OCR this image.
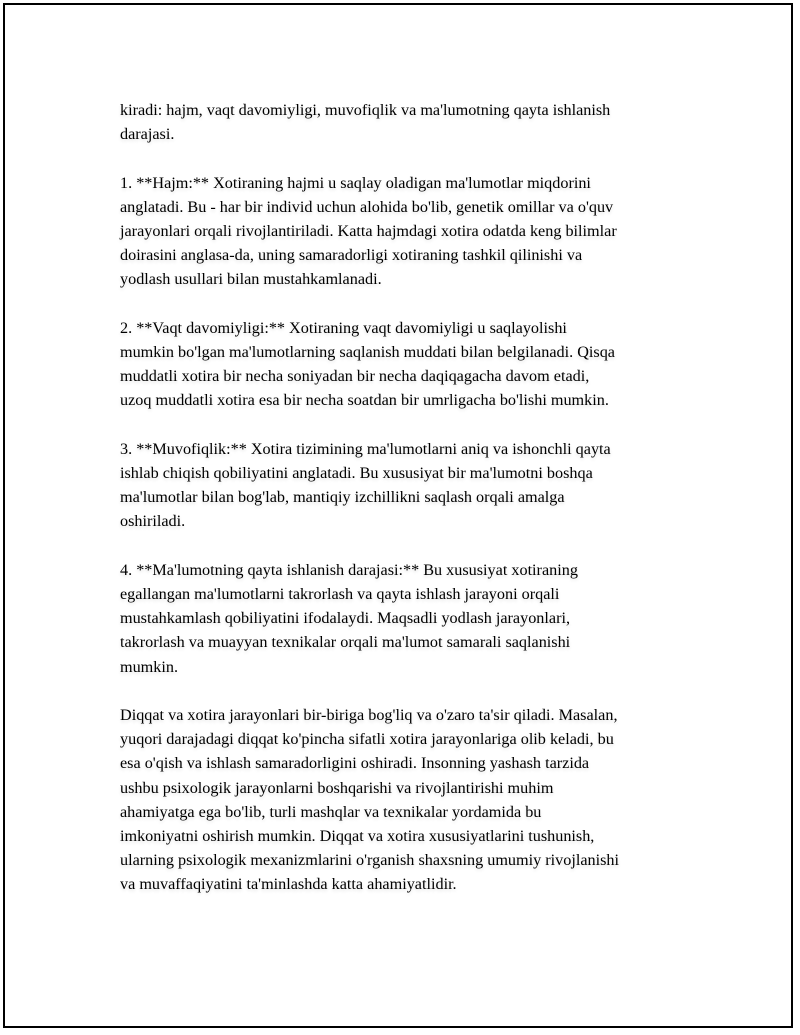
kiradi: hajm, vaqt davomiyligi, muvofiqlik va ma'lumotning qayta ishlanish
darajasi.

1. **Hajm:** Xotiraning hajmi u saqlay oladigan ma'lumotlar miqdorini
anglatadi. Bu - har bir individ uchun alohida bo'lib, genetik omillar va o'quv
jarayonlari orqali rivojlantiriladi. Katta hajmdagi xotira odatda keng bilimlar
doirasini anglasa-da, uning samaradorligi xotiraning tashkil qilinishi va
yodlash usullari bilan mustahkamlanadi.

2. **Vaqt davomiyligi:** Xotiraning vaqt davomiyligi u saqlayolishi
mumkin bo'lgan ma'lumotlarning saqlanish muddati bilan belgilanadi. Qisqa
muddatli xotira bir necha soniyadan bir necha daqiqagacha davom etadi,
uzoq muddatli xotira esa bir necha soatdan bir umrligacha bo'lishi mumkin.

3. **Muvofiqlik:** Xotira tizimining ma'lumotlarni aniq va ishonchli qayta
ishlab chiqish qobiliyatini anglatadi. Bu xususiyat bir ma'lumotni boshqa
ma'lumotlar bilan bog'lab, mantiqiy izchillikni saqlash orqali amalga
oshiriladi.

4. **Ma'lumotning qayta ishlanish darajasi:** Bu xususiyat xotiraning
egallangan ma'lumotlarni takrorlash va qayta ishlash jarayoni orqali
mustahkamlash qobiliyatini ifodalaydi. Maqsadli yodlash jarayonlari,
takrorlash va muayyan texnikalar orqali ma'lumot samarali saqlanishi
mumkin.

Diqqat va xotira jarayonlari bir-biriga bog'liq va o'zaro ta'sir qiladi. Masalan,
yuqori darajadagi diqqat ko'pincha sifatli xotira jarayonlariga olib keladi, bu
esa o'qish va ishlash samaradorligini oshiradi. Insonning yashash tarzida
ushbu psixologik jarayonlarni boshqarishi va rivojlantirishi muhim
ahamiyatga ega bo'lib, turli mashqlar va texnikalar yordamida bu
imkoniyatni oshirish mumkin. Diqqat va xotira xususiyatlarini tushunish,
ularning psixologik mexanizmlarini o'rganish shaxsning umumiy rivojlanishi
va muvaffaqiyatini ta'minlashda katta ahamiyatlidir.
